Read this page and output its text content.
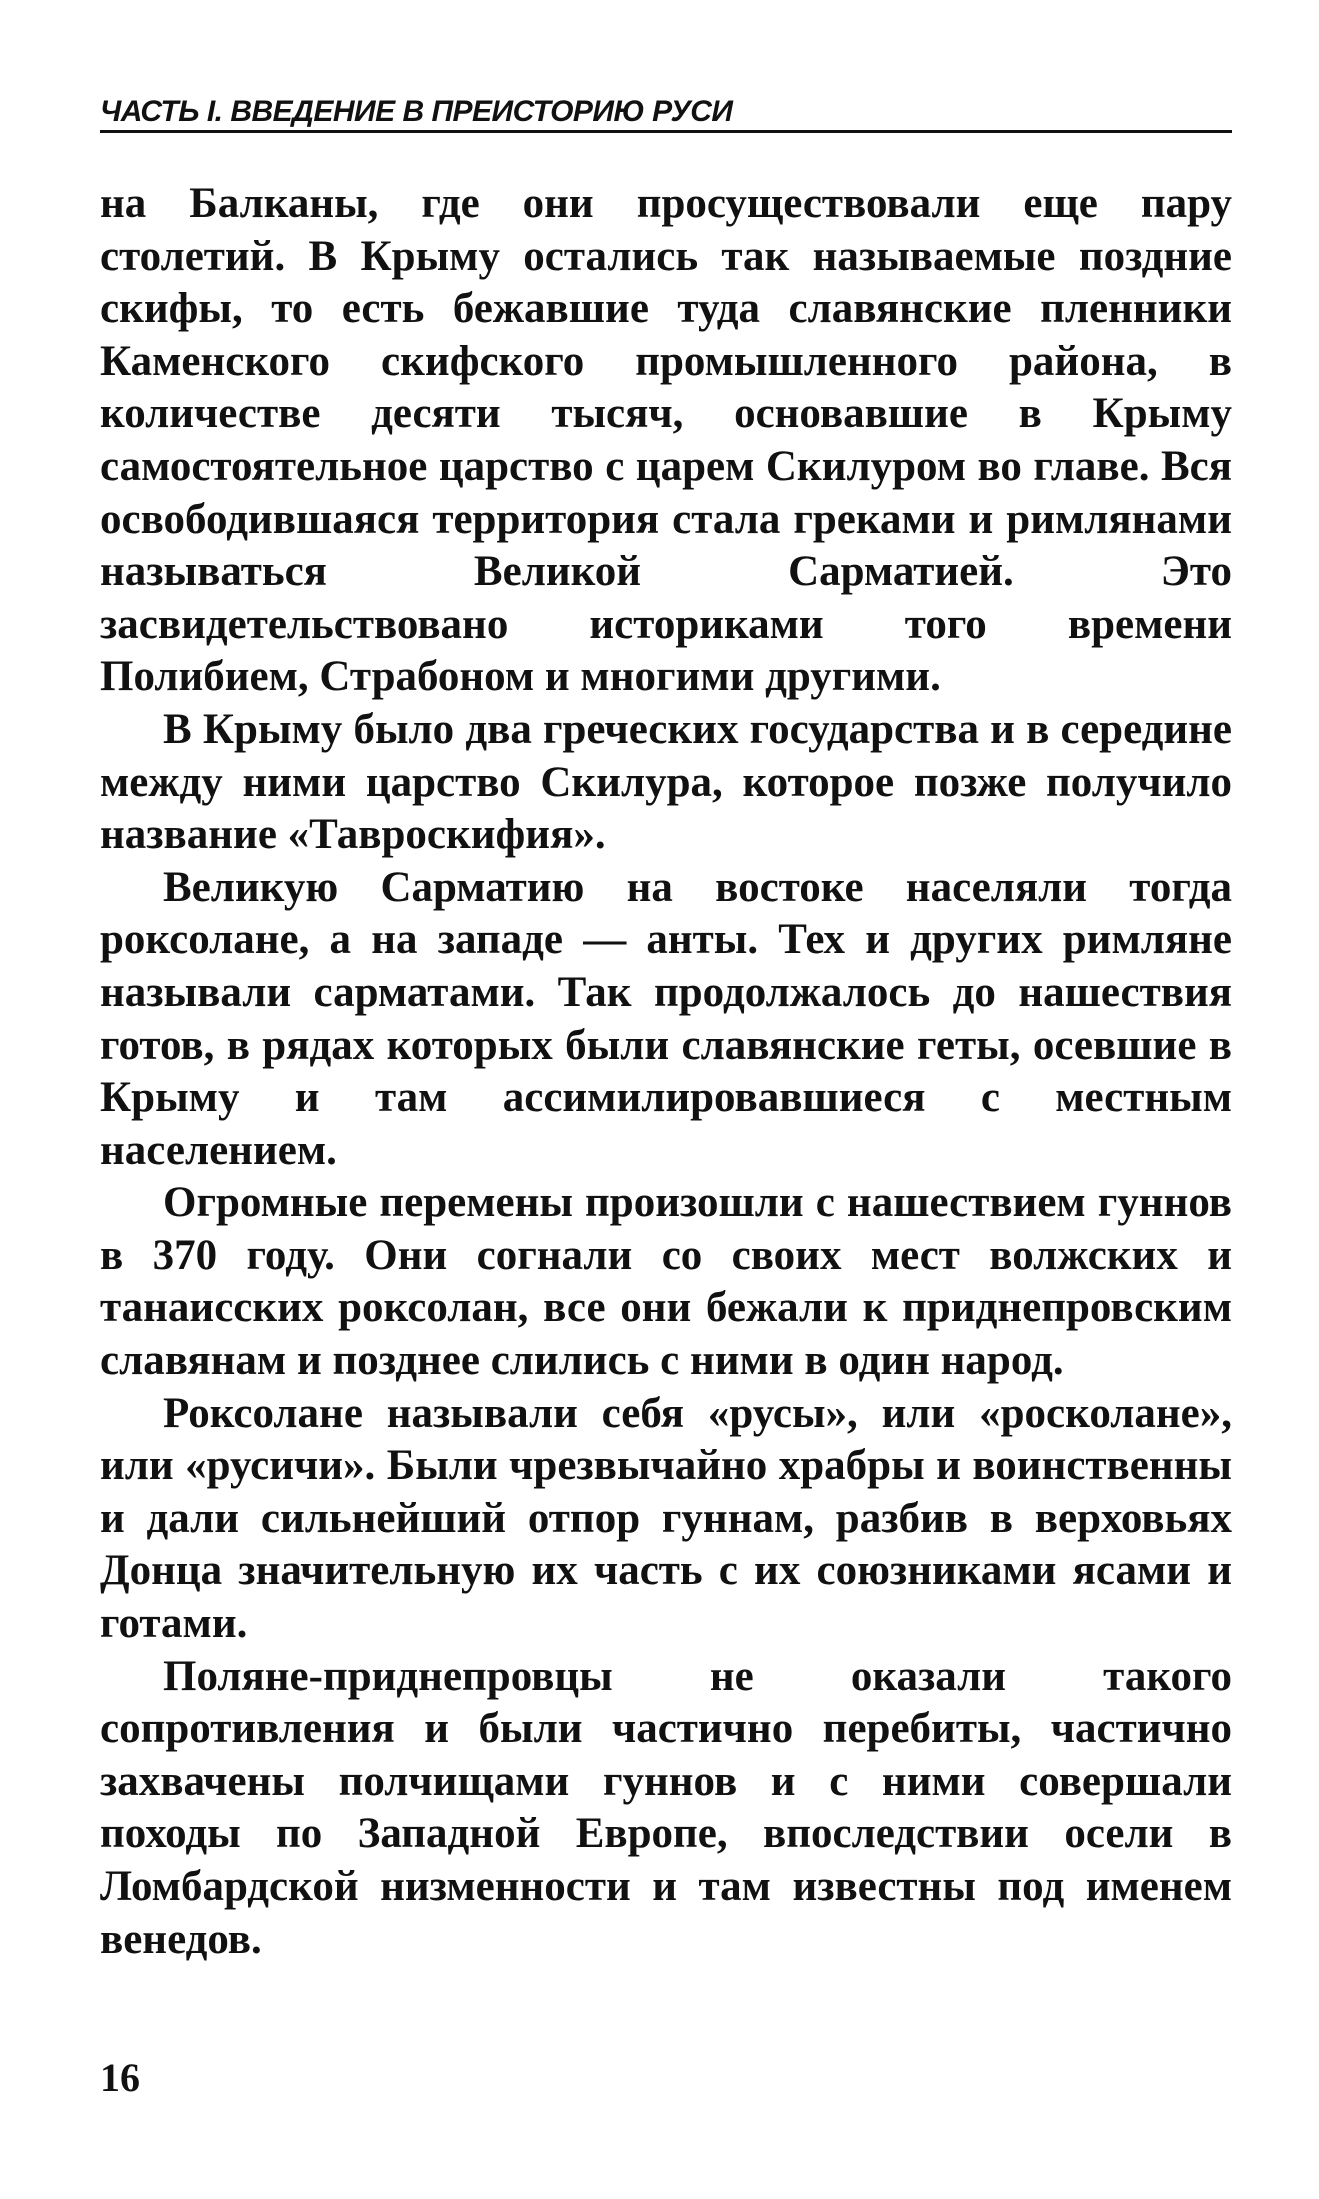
ЧАСТЬ I. ВВЕДЕНИЕ В ПРЕИСТОРИЮ РУСИ

на Балканы, где они просуществовали еще пару столетий. В Крыму остались так называемые поздние скифы, то есть бежавшие туда славянские пленники Каменского скифского промышленного района, в количестве десяти тысяч, основавшие в Крыму самостоятельное царство с царем Скилуром во главе. Вся освободившаяся территория стала греками и римлянами называться Великой Сарматией. Это засвидетельствовано историками того времени Полибием, Страбоном и многими другими.

В Крыму было два греческих государства и в середине между ними царство Скилура, которое позже получило название «Тавроскифия».

Великую Сарматию на востоке населяли тогда роксолане, а на западе — анты. Тех и других римляне называли сарматами. Так продолжалось до нашествия готов, в рядах которых были славянские геты, осевшие в Крыму и там ассимилировавшиеся с местным населением.

Огромные перемены произошли с нашествием гуннов в 370 году. Они согнали со своих мест волжских и танаисских роксолан, все они бежали к приднепровским славянам и позднее слились с ними в один народ.

Роксолане называли себя «русы», или «росколане», или «русичи». Были чрезвычайно храбры и воинственны и дали сильнейший отпор гуннам, разбив в верховьях Донца значительную их часть с их союзниками ясами и готами.

Поляне-приднепровцы не оказали такого сопротивления и были частично перебиты, частично захвачены полчищами гуннов и с ними совершали походы по Западной Европе, впоследствии осели в Ломбардской низменности и там известны под именем венедов.

16
